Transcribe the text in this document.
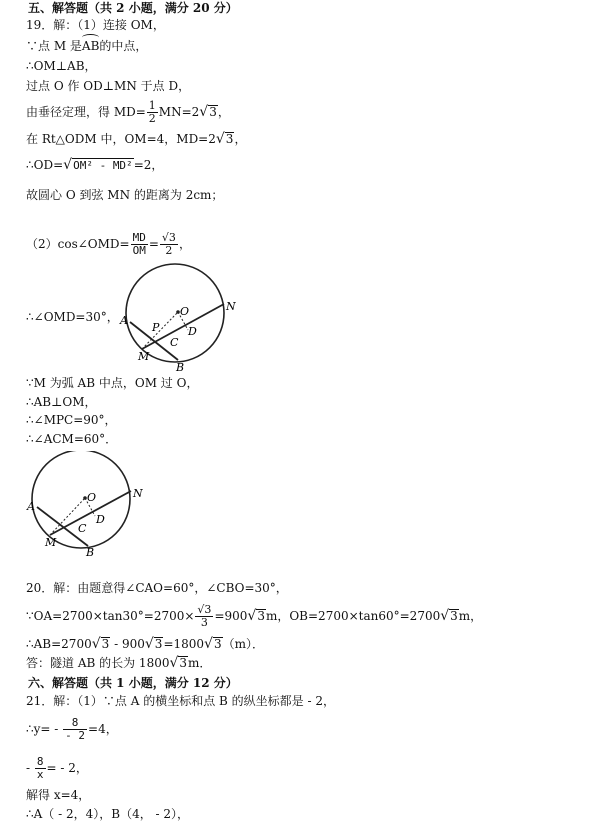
五、解答题（共 2 小题，满分 20 分）
19．解：（1）连接 OM，
∵点 M 是AB的中点，
∴OM⊥AB，
过点 O 作 OD⊥MN 于点 D，
由垂径定理，得 $MD= \frac{1}{2} MN=2√3$，
在 Rt△ODM 中，OM=4，MD=2√3，
∴OD=√OM² - MD²=2，
故圆心 O 到弦 MN 的距离为 2cm；
（2）cos∠OMD= $\frac{MD}{OM} = \frac{√3}{2}$ ，
∴∠OMD=30°，	O	N
A
P	D
M
C
B
∵M 为弧 AB 中点，OM 过 O，
∴AB⊥OM，
∴∠MPC=90°，
∴∠ACM=60°．
O	N
A
D
C
M
B
20．解：由题意得∠CAO=60°，∠CBO=30°，
∵OA=2700×tan30°=2700× $\frac{√3}{3} =900√3m$，OB=2700×tan60°=2700√3m，
∴AB=2700√3 - 900√3=1800√3（m）．
答：隧道 AB 的长为 1800√3m．
六、解答题（共 1 小题，满分 12 分）
21．解：（1）∵点 A 的横坐标和点 B 的纵坐标都是 - 2，
∴y= - $\frac{8}{- 2} =4$，
- $\frac{8}{x}$ = - 2，
解得 x=4，
∴A（ - 2，4），B（4， - 2），
